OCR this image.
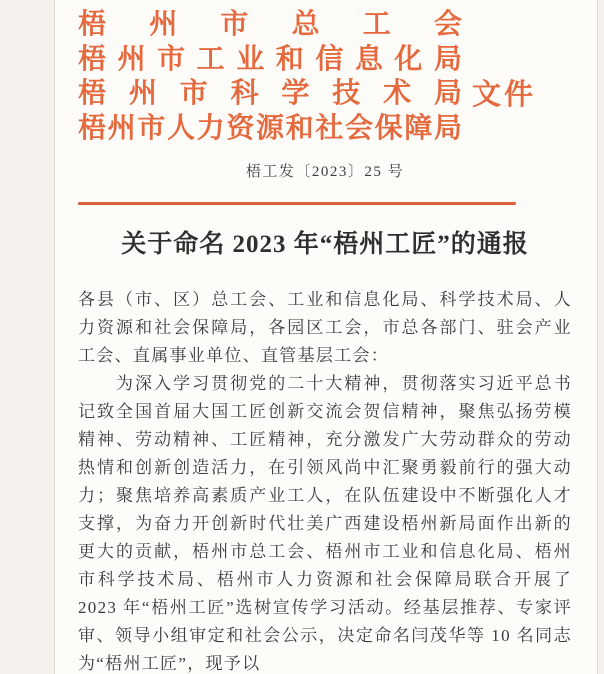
梧州市总工会
梧州市工业和信息化局
梧州市科学技术局
梧州市人力资源和社会保障局
文件
梧工发〔2023〕25 号
关于命名 2023 年“梧州工匠”的通报

各县（市、区）总工会、工业和信息化局、科学技术局、人力资源和社会保障局，各园区工会，市总各部门、驻会产业工会、直属事业单位、直管基层工会：

为深入学习贯彻党的二十大精神，贯彻落实习近平总书记致全国首届大国工匠创新交流会贺信精神，聚焦弘扬劳模精神、劳动精神、工匠精神，充分激发广大劳动群众的劳动热情和创新创造活力，在引领风尚中汇聚勇毅前行的强大动力；聚焦培养高素质产业工人，在队伍建设中不断强化人才支撑，为奋力开创新时代壮美广西建设梧州新局面作出新的更大的贡献，梧州市总工会、梧州市工业和信息化局、梧州市科学技术局、梧州市人力资源和社会保障局联合开展了 2023 年“梧州工匠”选树宣传学习活动。经基层推荐、专家评审、领导小组审定和社会公示，决定命名闫茂华等 10 名同志为“梧州工匠”，现予以
